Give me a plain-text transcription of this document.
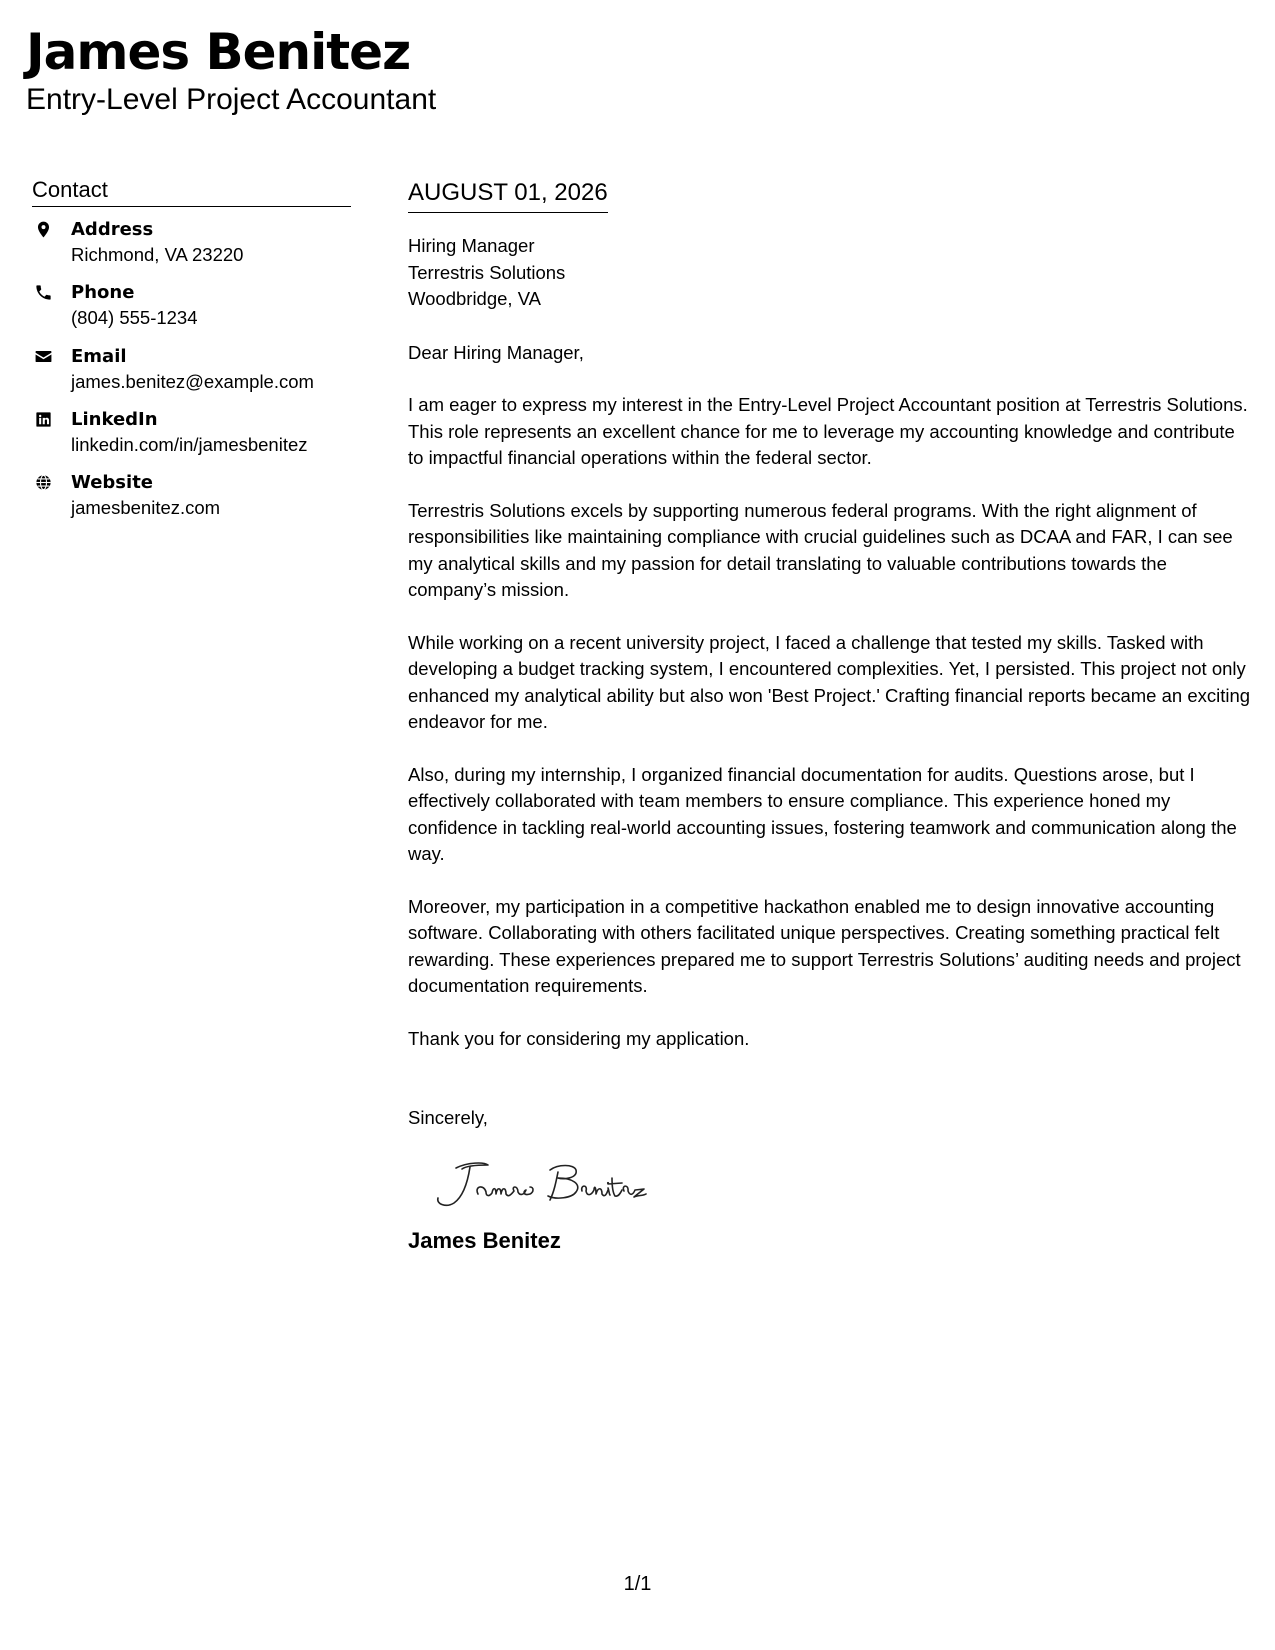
James Benitez
Entry-Level Project Accountant
Contact
Address
Richmond, VA 23220
Phone
(804) 555-1234
Email
james.benitez@example.com
LinkedIn
linkedin.com/in/jamesbenitez
Website
jamesbenitez.com
AUGUST 01, 2026
Hiring Manager
Terrestris Solutions
Woodbridge, VA
Dear Hiring Manager,
I am eager to express my interest in the Entry-Level Project Accountant position at Terrestris Solutions. This role represents an excellent chance for me to leverage my accounting knowledge and contribute to impactful financial operations within the federal sector.
Terrestris Solutions excels by supporting numerous federal programs. With the right alignment of responsibilities like maintaining compliance with crucial guidelines such as DCAA and FAR, I can see my analytical skills and my passion for detail translating to valuable contributions towards the company’s mission.
While working on a recent university project, I faced a challenge that tested my skills. Tasked with developing a budget tracking system, I encountered complexities. Yet, I persisted. This project not only enhanced my analytical ability but also won 'Best Project.' Crafting financial reports became an exciting endeavor for me.
Also, during my internship, I organized financial documentation for audits. Questions arose, but I effectively collaborated with team members to ensure compliance. This experience honed my confidence in tackling real-world accounting issues, fostering teamwork and communication along the way.
Moreover, my participation in a competitive hackathon enabled me to design innovative accounting software. Collaborating with others facilitated unique perspectives. Creating something practical felt rewarding. These experiences prepared me to support Terrestris Solutions’ auditing needs and project documentation requirements.
Thank you for considering my application.
Sincerely,
James Benitez
1/1
